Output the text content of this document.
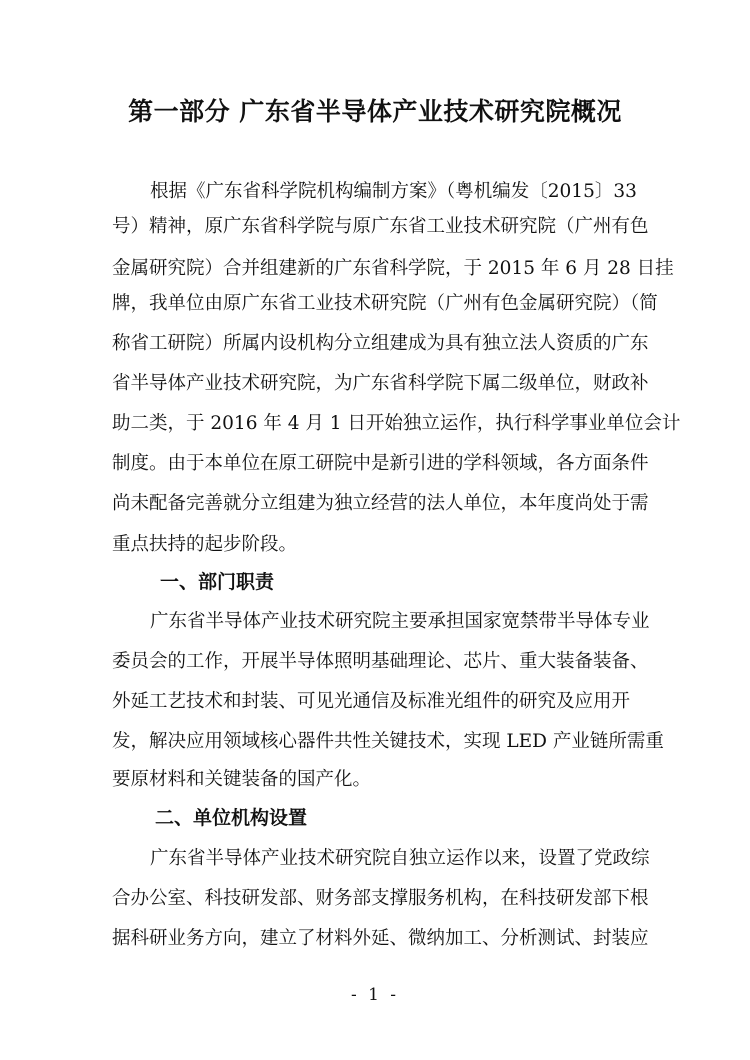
第一部分 广东省半导体产业技术研究院概况
根据《广东省科学院机构编制方案》（粤机编发〔2015〕33
号）精神，原广东省科学院与原广东省工业技术研究院（广州有色
金属研究院）合并组建新的广东省科学院，于 2015 年 6 月 28 日挂
牌，我单位由原广东省工业技术研究院（广州有色金属研究院）（简
称省工研院）所属内设机构分立组建成为具有独立法人资质的广东
省半导体产业技术研究院，为广东省科学院下属二级单位，财政补
助二类，于 2016 年 4 月 1 日开始独立运作，执行科学事业单位会计
制度。由于本单位在原工研院中是新引进的学科领域，各方面条件
尚未配备完善就分立组建为独立经营的法人单位，本年度尚处于需
重点扶持的起步阶段。
一、部门职责
广东省半导体产业技术研究院主要承担国家宽禁带半导体专业
委员会的工作，开展半导体照明基础理论、芯片、重大装备装备、
外延工艺技术和封装、可见光通信及标准光组件的研究及应用开
发，解决应用领域核心器件共性关键技术，实现 LED 产业链所需重
要原材料和关键装备的国产化。
二、单位机构设置
广东省半导体产业技术研究院自独立运作以来，设置了党政综
合办公室、科技研发部、财务部支撑服务机构，在科技研发部下根
据科研业务方向，建立了材料外延、微纳加工、分析测试、封装应
- 1 -
